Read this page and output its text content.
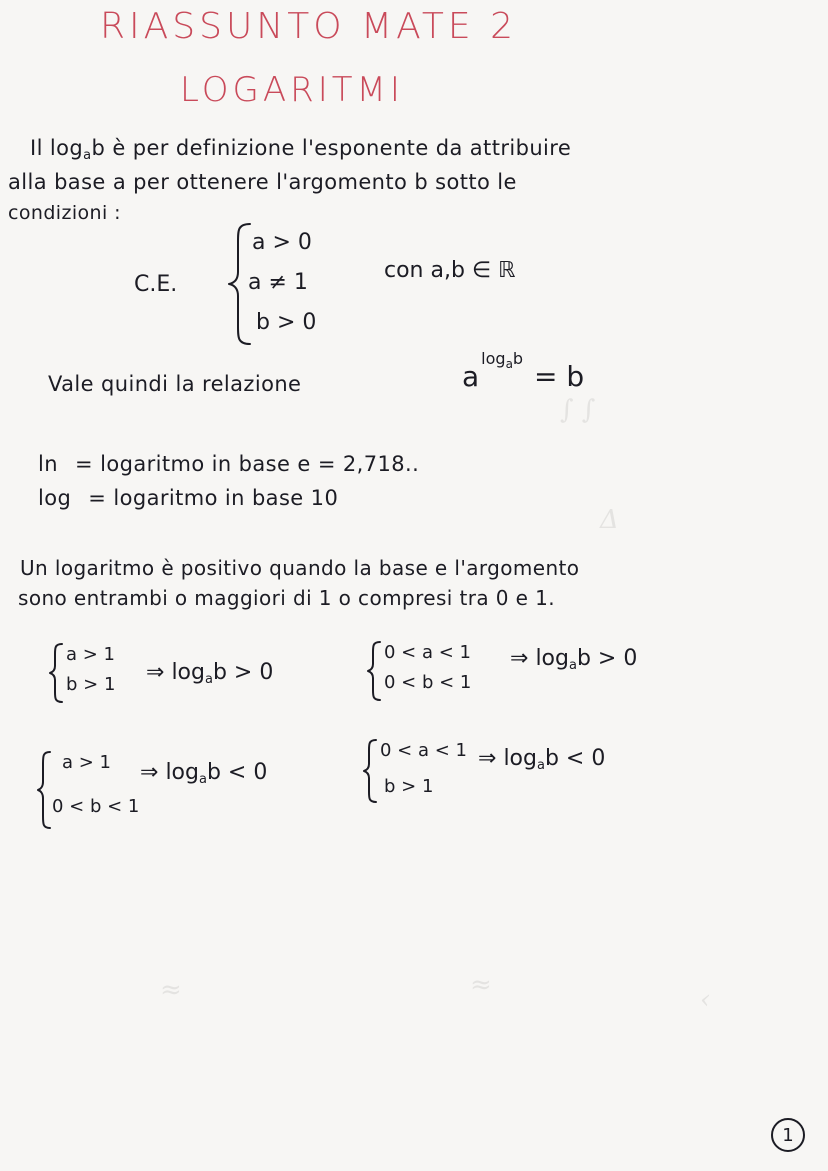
∫ ∫
Δ
≈	≈	‹
RIASSUNTO MATE 2
LOGARITMI
Il $\log_ab$ è per definizione l'esponente da attribuire
alla base a per ottenere l'argomento b sotto le
condizioni :
C.E.
a > 0
a ≠ 1
b > 0
con a,b ∈ ℝ
Vale quindi la relazione	$a^{log_ab} = b$
ln = logaritmo in base e = 2,718..
log = logaritmo in base 10
Un logaritmo è positivo quando la base e l'argomento
sono entrambi o maggiori di 1 o compresi tra 0 e 1.
a > 1
b > 1 ⇒ $\log_ab > 0$
0 < a < 1
0 < b < 1
⇒ $\log_ab > 0$
a > 1
0 < b < 1
⇒ $\log_ab < 0$
0 < a < 1
b > 1
⇒ $\log_ab < 0$
1
